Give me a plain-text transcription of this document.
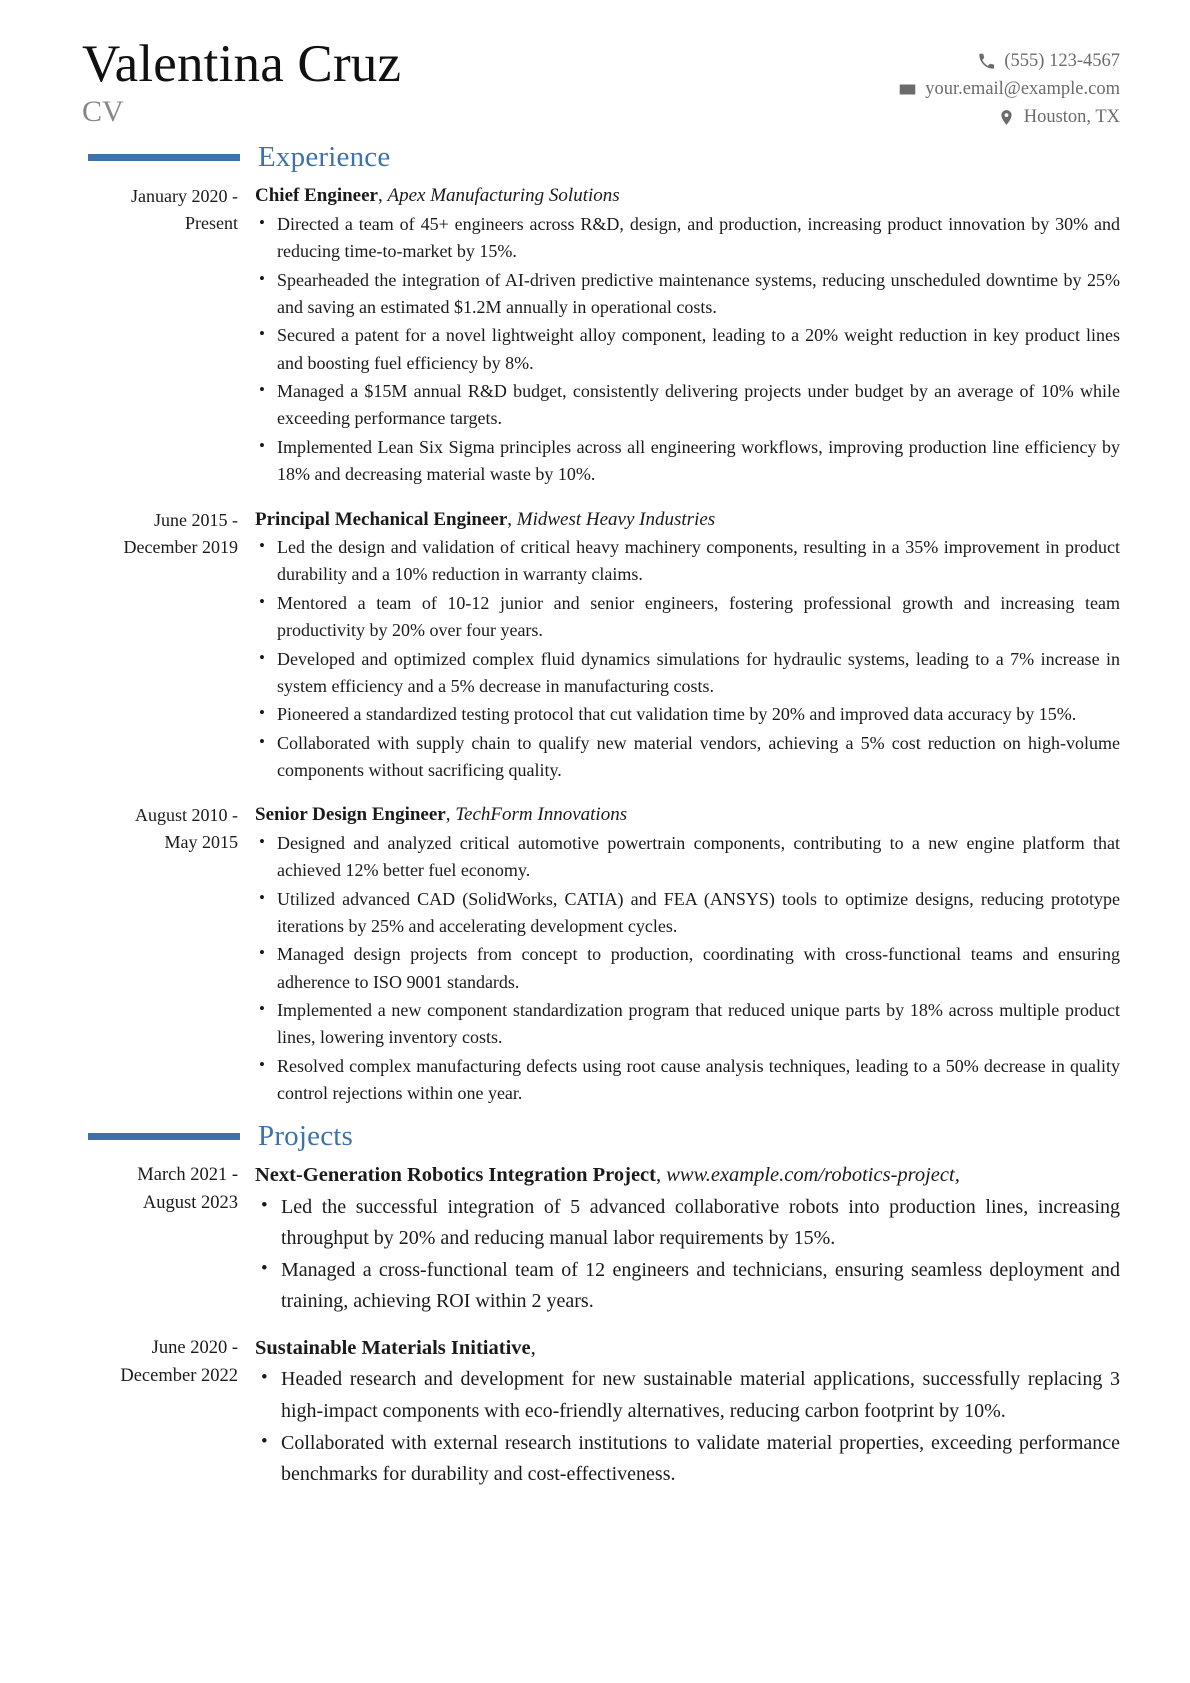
Valentina Cruz
CV
(555) 123-4567
your.email@example.com
Houston, TX
Experience
January 2020 -
Present
Chief Engineer, Apex Manufacturing Solutions
• Directed a team of 45+ engineers across R&D, design, and production, increasing product innovation by 30% and reducing time-to-market by 15%.
• Spearheaded the integration of AI-driven predictive maintenance systems, reducing unscheduled downtime by 25% and saving an estimated $1.2M annually in operational costs.
• Secured a patent for a novel lightweight alloy component, leading to a 20% weight reduction in key product lines and boosting fuel efficiency by 8%.
• Managed a $15M annual R&D budget, consistently delivering projects under budget by an average of 10% while exceeding performance targets.
• Implemented Lean Six Sigma principles across all engineering workflows, improving production line efficiency by 18% and decreasing material waste by 10%.
June 2015 -
December 2019
Principal Mechanical Engineer, Midwest Heavy Industries
• Led the design and validation of critical heavy machinery components, resulting in a 35% improvement in product durability and a 10% reduction in warranty claims.
• Mentored a team of 10-12 junior and senior engineers, fostering professional growth and increasing team productivity by 20% over four years.
• Developed and optimized complex fluid dynamics simulations for hydraulic systems, leading to a 7% increase in system efficiency and a 5% decrease in manufacturing costs.
• Pioneered a standardized testing protocol that cut validation time by 20% and improved data accuracy by 15%.
• Collaborated with supply chain to qualify new material vendors, achieving a 5% cost reduction on high-volume components without sacrificing quality.
August 2010 -
May 2015
Senior Design Engineer, TechForm Innovations
• Designed and analyzed critical automotive powertrain components, contributing to a new engine platform that achieved 12% better fuel economy.
• Utilized advanced CAD (SolidWorks, CATIA) and FEA (ANSYS) tools to optimize designs, reducing prototype iterations by 25% and accelerating development cycles.
• Managed design projects from concept to production, coordinating with cross-functional teams and ensuring adherence to ISO 9001 standards.
• Implemented a new component standardization program that reduced unique parts by 18% across multiple product lines, lowering inventory costs.
• Resolved complex manufacturing defects using root cause analysis techniques, leading to a 50% decrease in quality control rejections within one year.
Projects
March 2021 -
August 2023
Next-Generation Robotics Integration Project, www.example.com/robotics-project,
• Led the successful integration of 5 advanced collaborative robots into production lines, increasing throughput by 20% and reducing manual labor requirements by 15%.
• Managed a cross-functional team of 12 engineers and technicians, ensuring seamless deployment and training, achieving ROI within 2 years.
June 2020 -
December 2022
Sustainable Materials Initiative,
• Headed research and development for new sustainable material applications, successfully replacing 3 high-impact components with eco-friendly alternatives, reducing carbon footprint by 10%.
• Collaborated with external research institutions to validate material properties, exceeding performance benchmarks for durability and cost-effectiveness.
